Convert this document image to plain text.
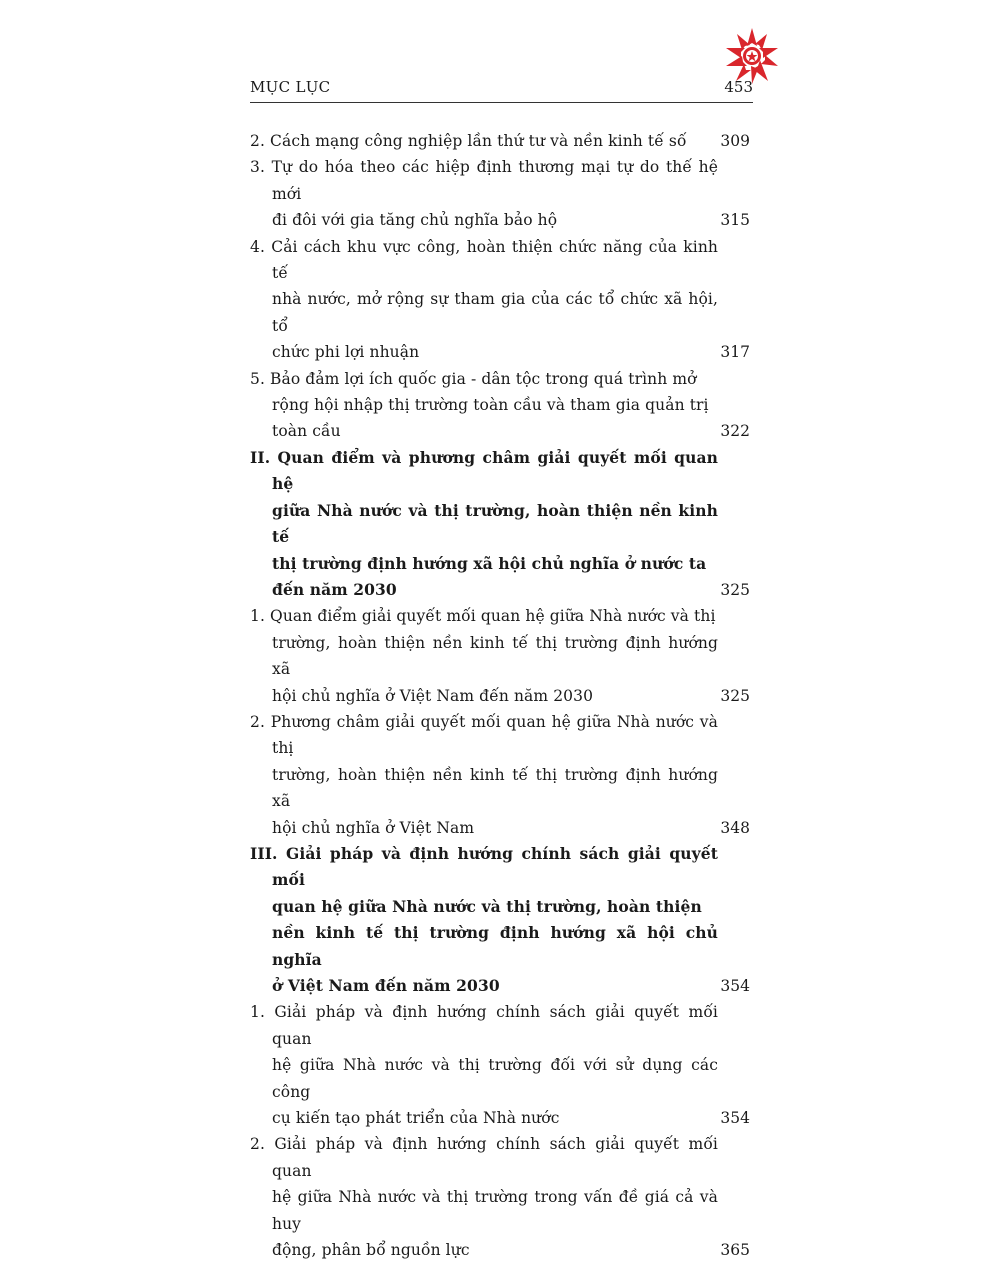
MỤC LỤC	453
2. Cách mạng công nghiệp lần thứ tư và nền kinh tế số	309
3. Tự do hóa theo các hiệp định thương mại tự do thế hệ mới
đi đôi với gia tăng chủ nghĩa bảo hộ	315
4. Cải cách khu vực công, hoàn thiện chức năng của kinh tế
nhà nước, mở rộng sự tham gia của các tổ chức xã hội, tổ
chức phi lợi nhuận	317
5. Bảo đảm lợi ích quốc gia - dân tộc trong quá trình mở
rộng hội nhập thị trường toàn cầu và tham gia quản trị
toàn cầu	322
II. Quan điểm và phương châm giải quyết mối quan hệ
giữa Nhà nước và thị trường, hoàn thiện nền kinh tế
thị trường định hướng xã hội chủ nghĩa ở nước ta
đến năm 2030	325
1. Quan điểm giải quyết mối quan hệ giữa Nhà nước và thị
trường, hoàn thiện nền kinh tế thị trường định hướng xã
hội chủ nghĩa ở Việt Nam đến năm 2030	325
2. Phương châm giải quyết mối quan hệ giữa Nhà nước và thị
trường, hoàn thiện nền kinh tế thị trường định hướng xã
hội chủ nghĩa ở Việt Nam	348
III. Giải pháp và định hướng chính sách giải quyết mối
quan hệ giữa Nhà nước và thị trường, hoàn thiện
nền kinh tế thị trường định hướng xã hội chủ nghĩa
ở Việt Nam đến năm 2030	354
1. Giải pháp và định hướng chính sách giải quyết mối quan
hệ giữa Nhà nước và thị trường đối với sử dụng các công
cụ kiến tạo phát triển của Nhà nước	354
2. Giải pháp và định hướng chính sách giải quyết mối quan
hệ giữa Nhà nước và thị trường trong vấn đề giá cả và huy
động, phân bổ nguồn lực	365
